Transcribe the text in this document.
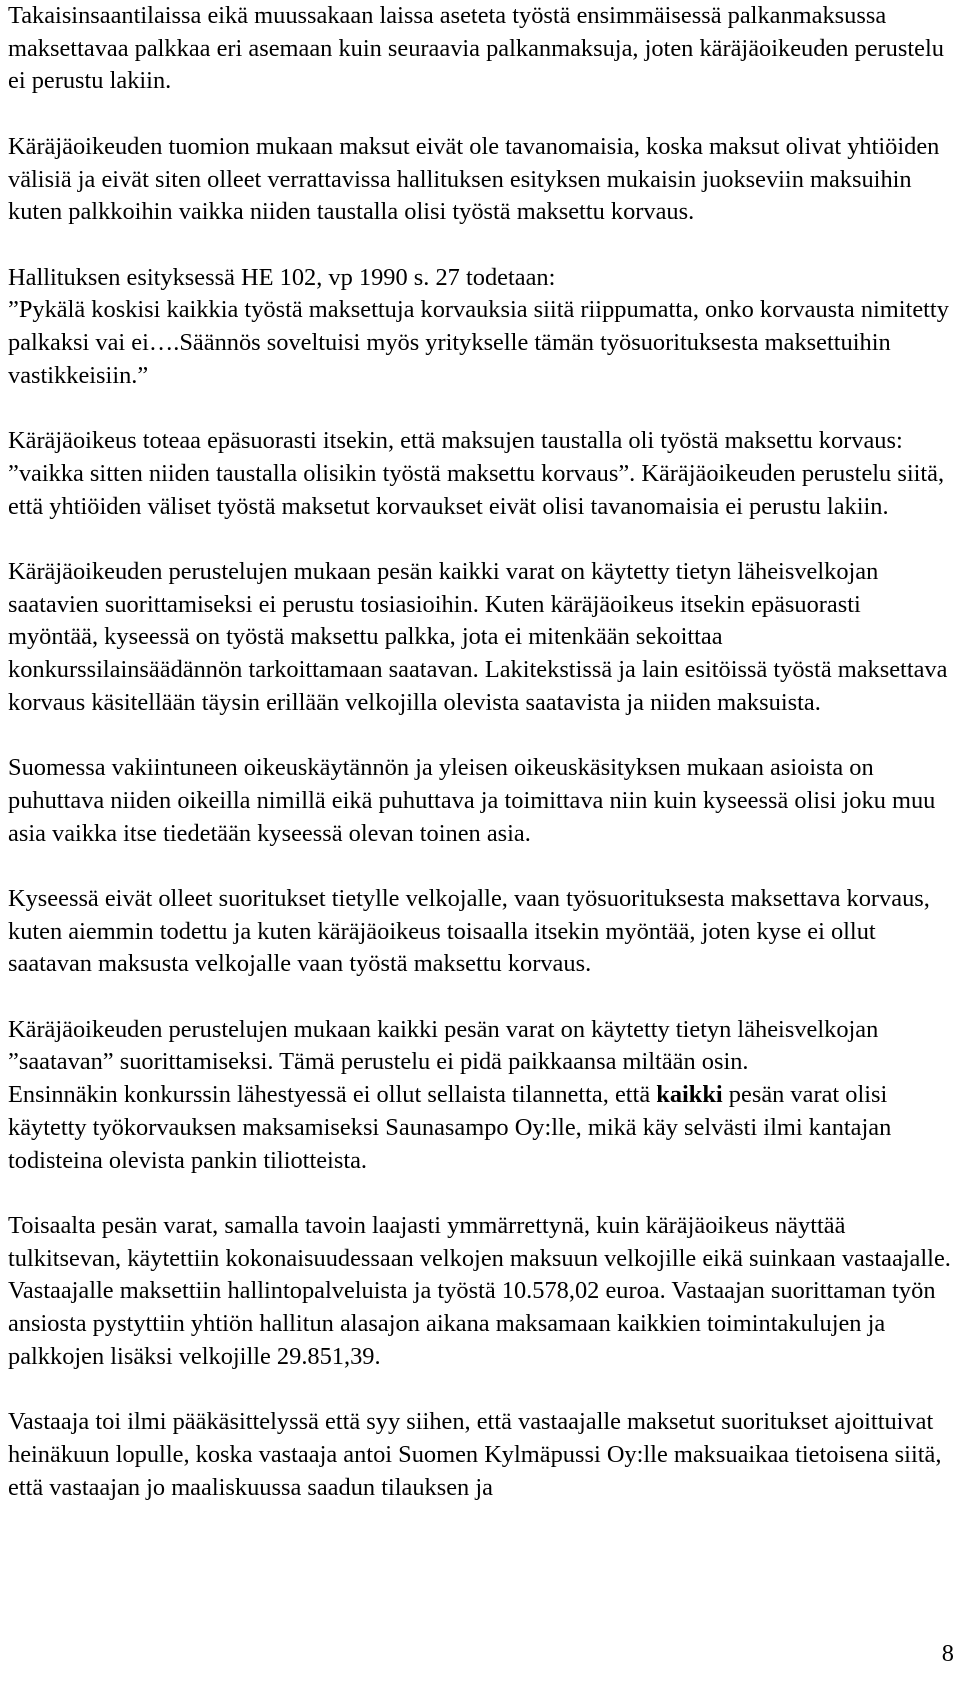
Takaisinsaantilaissa eikä muussakaan laissa aseteta työstä ensimmäisessä palkanmaksussa maksettavaa palkkaa eri asemaan kuin seuraavia palkanmaksuja, joten käräjäoikeuden perustelu ei perustu lakiin.

Käräjäoikeuden tuomion mukaan maksut eivät ole tavanomaisia, koska maksut olivat yhtiöiden välisiä ja eivät siten olleet verrattavissa hallituksen esityksen mukaisin juokseviin maksuihin kuten palkkoihin vaikka niiden taustalla olisi työstä maksettu korvaus.

Hallituksen esityksessä HE 102, vp 1990 s. 27 todetaan:

”Pykälä koskisi kaikkia työstä maksettuja korvauksia siitä riippumatta, onko korvausta nimitetty palkaksi vai ei….Säännös soveltuisi myös yritykselle tämän työsuorituksesta maksettuihin vastikkeisiin.”

Käräjäoikeus toteaa epäsuorasti itsekin, että maksujen taustalla oli työstä maksettu korvaus: ”vaikka sitten niiden taustalla olisikin työstä maksettu korvaus”. Käräjäoikeuden perustelu siitä, että yhtiöiden väliset työstä maksetut korvaukset eivät olisi tavanomaisia ei perustu lakiin.

Käräjäoikeuden perustelujen mukaan pesän kaikki varat on käytetty tietyn läheisvelkojan saatavien suorittamiseksi ei perustu tosiasioihin. Kuten käräjäoikeus itsekin epäsuorasti myöntää, kyseessä on työstä maksettu palkka, jota ei mitenkään sekoittaa konkurssilainsäädännön tarkoittamaan saatavan. Lakitekstissä ja lain esitöissä työstä maksettava korvaus käsitellään täysin erillään velkojilla olevista saatavista ja niiden maksuista.

Suomessa vakiintuneen oikeuskäytännön ja yleisen oikeuskäsityksen mukaan asioista on puhuttava niiden oikeilla nimillä eikä puhuttava ja toimittava niin kuin kyseessä olisi joku muu asia vaikka itse tiedetään kyseessä olevan toinen asia.

Kyseessä eivät olleet suoritukset tietylle velkojalle, vaan työsuorituksesta maksettava korvaus, kuten aiemmin todettu ja kuten käräjäoikeus toisaalla itsekin myöntää, joten kyse ei ollut saatavan maksusta velkojalle vaan työstä maksettu korvaus.

Käräjäoikeuden perustelujen mukaan kaikki pesän varat on käytetty tietyn läheisvelkojan ”saatavan” suorittamiseksi. Tämä perustelu ei pidä paikkaansa miltään osin.

Ensinnäkin konkurssin lähestyessä ei ollut sellaista tilannetta, että kaikki pesän varat olisi käytetty työkorvauksen maksamiseksi Saunasampo Oy:lle, mikä käy selvästi ilmi kantajan todisteina olevista pankin tiliotteista.

Toisaalta pesän varat, samalla tavoin laajasti ymmärrettynä, kuin käräjäoikeus näyttää tulkitsevan, käytettiin kokonaisuudessaan velkojen maksuun velkojille eikä suinkaan vastaajalle. Vastaajalle maksettiin hallintopalveluista ja työstä 10.578,02 euroa. Vastaajan suorittaman työn ansiosta pystyttiin yhtiön hallitun alasajon aikana maksamaan kaikkien toimintakulujen ja palkkojen lisäksi velkojille 29.851,39.

Vastaaja toi ilmi pääkäsittelyssä että syy siihen, että vastaajalle maksetut suoritukset ajoittuivat heinäkuun lopulle, koska vastaaja antoi Suomen Kylmäpussi Oy:lle maksuaikaa tietoisena siitä, että vastaajan jo maaliskuussa saadun tilauksen ja

8
